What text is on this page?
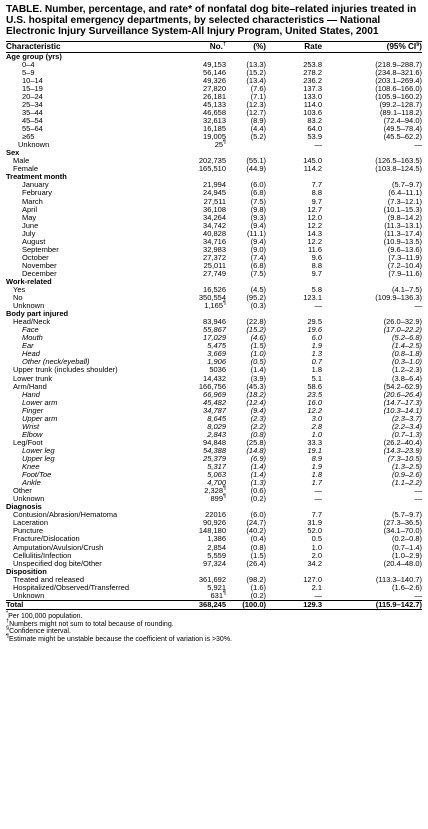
TABLE. Number, percentage, and rate* of nonfatal dog bite–related injuries treated in U.S. hospital emergency departments, by selected characteristics — National Electronic Injury Surveillance System-All Injury Program, United States, 2001
Characteristic	No.†	(%)	Rate	(95% CI§)
Age group (yrs)				
0–4	49,153	(13.3)	253.8	(218.9–288.7)
5–9	56,146	(15.2)	278.2	(234.8–321.6)
10–14	49,326	(13.4)	236.2	(203.1–269.4)
15–19	27,820	(7.6)	137.3	(108.6–166.0)
20–24	26,181	(7.1)	133.0	(105.9–160.2)
25–34	45,133	(12.3)	114.0	(99.2–128.7)
35–44	46,658	(12.7)	103.6	(89.1–118.2)
45–54	32,613	(8.9)	83.2	(72.4–94.0)
55–64	16,185	(4.4)	64.0	(49.5–78.4)
≥65	19,005	(5.2)	53.9	(45.5–62.2)
Unknown	25¶		—	—
Sex				
Male	202,735	(55.1)	145.0	(126.5–163.5)
Female	165,510	(44.9)	114.2	(103.8–124.5)
Treatment month				
January	21,994	(6.0)	7.7	(5.7–9.7)
February	24,945	(6.8)	8.8	(6.4–11.1)
March	27,511	(7.5)	9.7	(7.3–12.1)
April	36,108	(9.8)	12.7	(10.1–15.3)
May	34,264	(9.3)	12.0	(9.8–14.2)
June	34,742	(9.4)	12.2	(11.3–13.1)
July	40,828	(11.1)	14.3	(11.3–17.4)
August	34,716	(9.4)	12.2	(10.9–13.5)
September	32,983	(9.0)	11.6	(9.6–13.6)
October	27,372	(7.4)	9.6	(7.3–11.9)
November	25,011	(6.8)	8.8	(7.2–10.4)
December	27,749	(7.5)	9.7	(7.9–11.6)
Work-related				
Yes	16,526	(4.5)	5.8	(4.1–7.5)
No	350,554	(95.2)	123.1	(109.9–136.3)
Unknown	1,165¶	(0.3)	—	—
Body part injured				
Head/Neck	83,946	(22.8)	29.5	(26.0–32.9)
Face	55,867	(15.2)	19.6	(17.0–22.2)
Mouth	17,029	(4.6)	6.0	(5.2–6.8)
Ear	5,475	(1.5)	1.9	(1.4–2.5)
Head	3,669	(1.0)	1.3	(0.8–1.8)
Other (neck/eyeball)	1,906	(0.5)	0.7	(0.3–1.0)
Upper trunk (includes shoulder)	5036	(1.4)	1.8	(1.2–2.3)
Lower trunk	14,432	(3.9)	5.1	(3.8–6.4)
Arm/Hand	166,756	(45.3)	58.6	(54.2–62.9)
Hand	66,969	(18.2)	23.5	(20.6–26.4)
Lower arm	45,482	(12.4)	16.0	(14.7–17.3)
Finger	34,787	(9.4)	12.2	(10.3–14.1)
Upper arm	8,645	(2.3)	3.0	(2.3–3.7)
Wrist	8,029	(2.2)	2.8	(2.2–3.4)
Elbow	2,843	(0.8)	1.0	(0.7–1.3)
Leg/Foot	94,848	(25.8)	33.3	(26.2–40.4)
Lower leg	54,388	(14.8)	19.1	(14.3–23.9)
Upper leg	25,379	(6.9)	8.9	(7.3–10.5)
Knee	5,317	(1.4)	1.9	(1.3–2.5)
Foot/Toe	5,063	(1.4)	1.8	(0.9–2.6)
Ankle	4,700	(1.3)	1.7	(1.1–2.2)
Other	2,328¶	(0.6)	—	—
Unknown	899¶	(0.2)	—	—
Diagnosis				
Contusion/Abrasion/Hematoma	22016	(6.0)	7.7	(5.7–9.7)
Laceration	90,926	(24.7)	31.9	(27.3–36.5)
Puncture	148,180	(40.2)	52.0	(34.1–70.0)
Fracture/Dislocation	1,386	(0.4)	0.5	(0.2–0.8)
Amputation/Avulsion/Crush	2,854	(0.8)	1.0	(0.7–1.4)
Cellulitis/Infection	5,559	(1.5)	2.0	(1.0–2.9)
Unspecified dog bite/Other	97,324	(26.4)	34.2	(20.4–48.0)
Disposition				
Treated and released	361,692	(98.2)	127.0	(113.3–140.7)
Hospitalized/Observed/Transferred	5,921	(1.6)	2.1	(1.6–2.6)
Unknown	631¶	(0.2)	—	—
Total	368,245	(100.0)	129.3	(115.9–142.7)
*Per 100,000 population.
†Numbers might not sum to total because of rounding.
§Confidence interval.
¶Estimate might be unstable because the coefficient of variation is >30%.
